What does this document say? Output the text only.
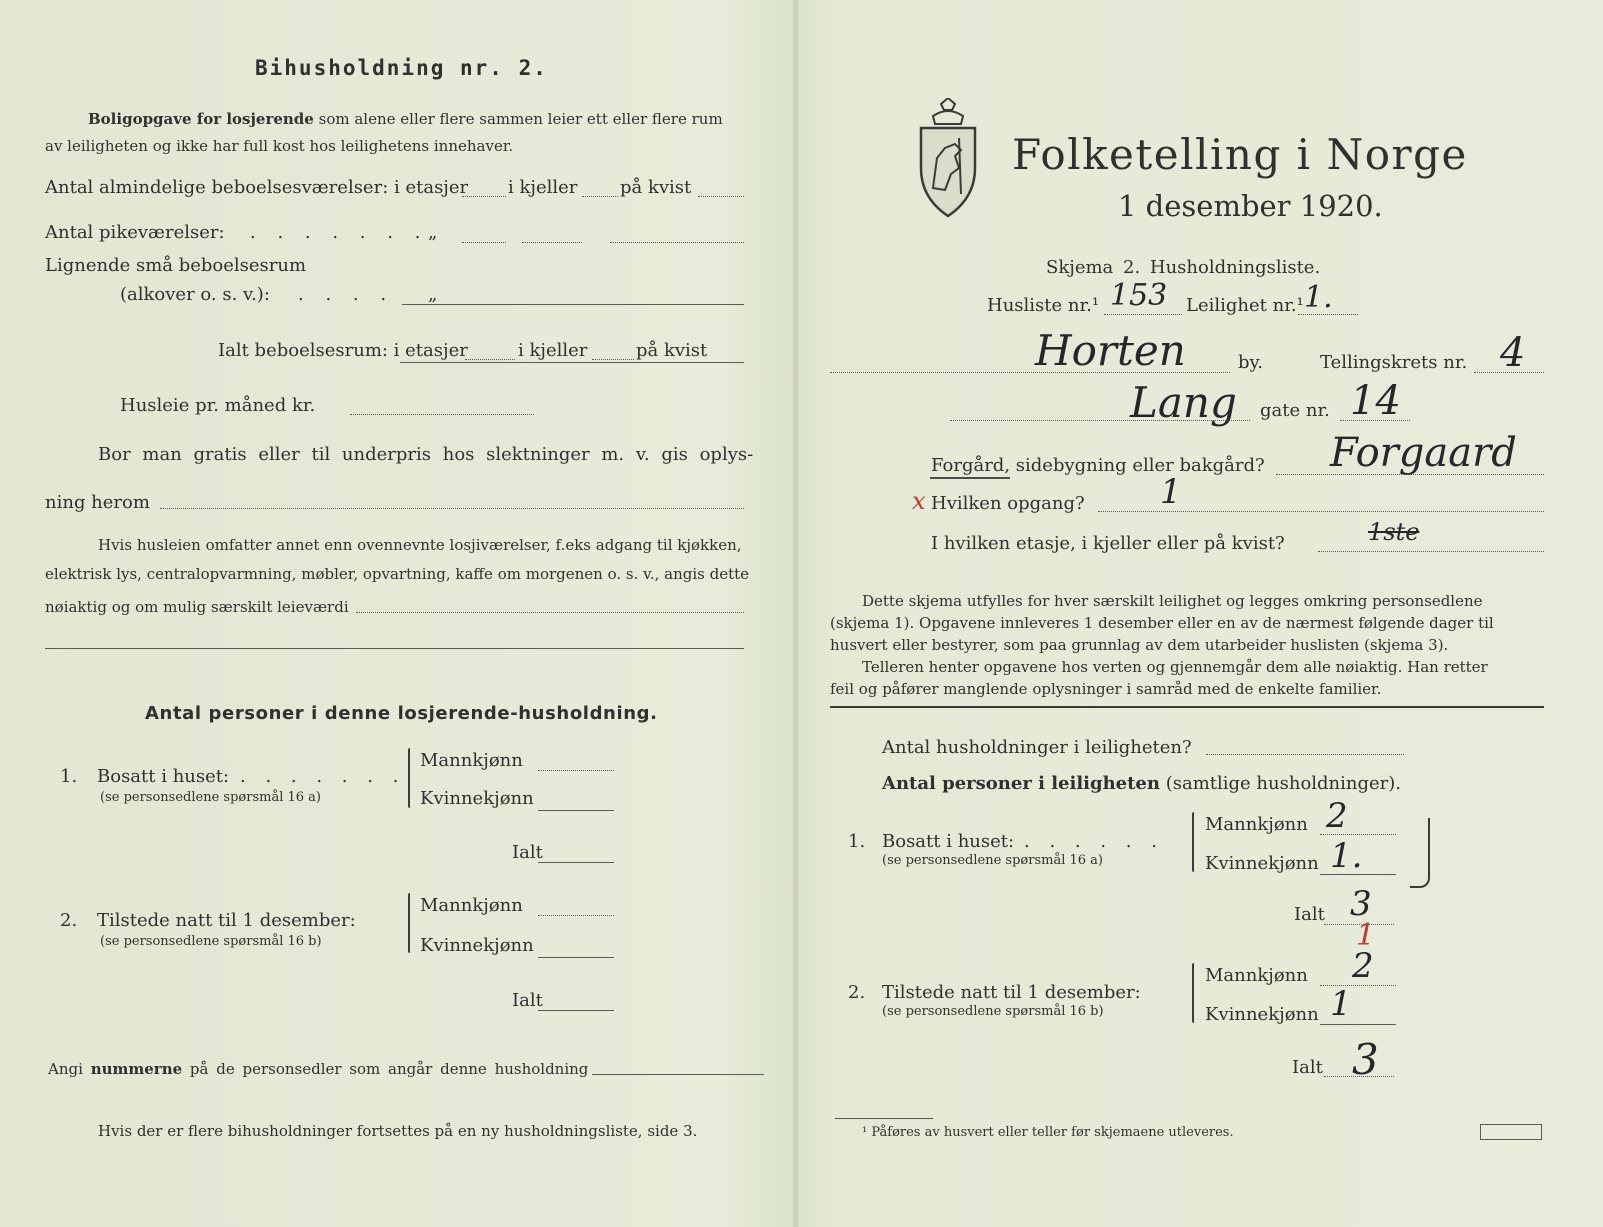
Bihusholdning nr. 2.
Boligopgave for losjerende som alene eller flere sammen leier ett eller flere rum
av leiligheten og ikke har full kost hos leilighetens innehaver.
Antal almindelige beboelsesværelser: i etasjer i kjeller på kvist
Antal pikeværelser: . . . . . . . „
Lignende små beboelsesrum
(alkover o. s. v.): . . . . „
Ialt beboelsesrum: i etasjer	i kjeller	på kvist
Husleie pr. måned kr.
Bor man gratis eller til underpris hos slektninger m. v. gis oplys-
ning herom
Hvis husleien omfatter annet enn ovennevnte losjiværelser, f.eks adgang til kjøkken,
elektrisk lys, centralopvarmning, møbler, opvartning, kaffe om morgenen o. s. v., angis dette
nøiaktig og om mulig særskilt leieværdi
Antal personer i denne losjerende-husholdning.
1. Bosatt i huset: . . . . . . .
(se personsedlene spørsmål 16 a)
Mannkjønn
Kvinnekjønn
Ialt
2. Tilstede natt til 1 desember:
(se personsedlene spørsmål 16 b)
Mannkjønn
Kvinnekjønn
Ialt
Angi nummerne på de personsedler som angår denne husholdning
Hvis der er flere bihusholdninger fortsettes på en ny husholdningsliste, side 3.
Folketelling i Norge
1 desember 1920.
Skjema 2. Husholdningsliste.
Husliste nr.¹ 153 Leilighet nr.¹ 1.
Horten	by.	Tellingskrets nr. 4
Lang gate nr. 14
Forgård, sidebygning eller bakgård? Forgaard
x Hvilken opgang? 1
I hvilken etasje, i kjeller eller på kvist?	1ste
Dette skjema utfylles for hver særskilt leilighet og legges omkring personsedlene
(skjema 1). Opgavene innleveres 1 desember eller en av de nærmest følgende dager til
husvert eller bestyrer, som paa grunnlag av dem utarbeider huslisten (skjema 3).
Telleren henter opgavene hos verten og gjennemgår dem alle nøiaktig. Han retter
feil og påfører manglende oplysninger i samråd med de enkelte familier.
Antal husholdninger i leiligheten?
Antal personer i leiligheten (samtlige husholdninger).
1. Bosatt i huset: . . . . . .
(se personsedlene spørsmål 16 a)
Mannkjønn 2
Kvinnekjønn 1.
Ialt 3
1
2. Tilstede natt til 1 desember:
(se personsedlene spørsmål 16 b)
Mannkjønn 2
Kvinnekjønn 1
Ialt 3
¹ Påføres av husvert eller teller før skjemaene utleveres.
